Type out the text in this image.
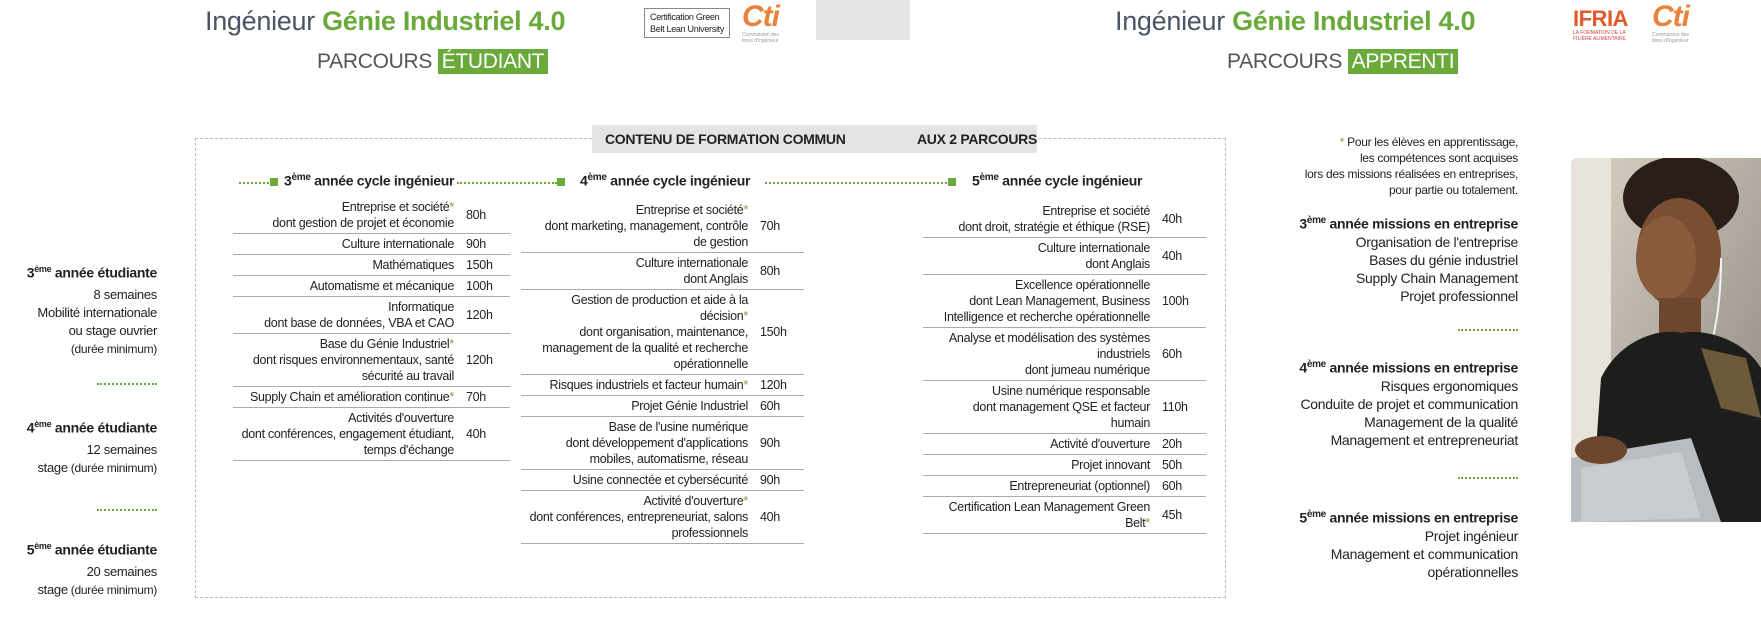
Ingénieur Génie Industriel 4.0
PARCOURS ÉTUDIANT
Certification Green
Belt Lean University Cti
Commission des titres d'ingénieur
Ingénieur Génie Industriel 4.0
PARCOURS APPRENTI
IFRIA
LA FORMATION DE LA FILIÈRE ALIMENTAIRE
Cti
Commission des titres d'ingénieur
CONTENU DE FORMATION COMMUN	AUX 2 PARCOURS
3ème année cycle ingénieur	4ème année cycle ingénieur	5ème année cycle ingénieur
Entreprise et société*
dont gestion de projet et économie	80h

Culture internationale	90h

Mathématiques	150h

Automatisme et mécanique	100h

Informatique
dont base de données, VBA et CAO	120h

Base du Génie Industriel*
dont risques environnementaux, santé
sécurité au travail	120h

Supply Chain et amélioration continue*	70h

Activités d'ouverture
dont conférences, engagement étudiant,
temps d'échange	40h
Entreprise et société*
dont marketing, management, contrôle
de gestion	70h

Culture internationale
dont Anglais	80h

Gestion de production et aide à la
décision*
dont organisation, maintenance,
management de la qualité et recherche
opérationnelle	150h

Risques industriels et facteur humain*	120h

Projet Génie Industriel	60h

Base de l'usine numérique
dont développement d'applications
mobiles, automatisme, réseau	90h

Usine connectée et cybersécurité	90h

Activité d'ouverture*
dont conférences, entrepreneuriat, salons
professionnels	40h
Entreprise et société
dont droit, stratégie et éthique (RSE)	40h

Culture internationale
dont Anglais	40h

Excellence opérationnelle
dont Lean Management, Business
Intelligence et recherche opérationnelle	100h

Analyse et modélisation des systèmes
industriels
dont jumeau numérique	60h

Usine numérique responsable
dont management QSE et facteur
humain	110h

Activité d'ouverture	20h

Projet innovant	50h

Entrepreneuriat (optionnel)	60h

Certification Lean Management Green
Belt*	45h
3ème année étudiante
8 semaines
Mobilité internationale
ou stage ouvrier
(durée minimum)
4ème année étudiante
12 semaines
stage (durée minimum)
5ème année étudiante
20 semaines
stage (durée minimum)
* Pour les élèves en apprentissage,
les compétences sont acquises
lors des missions réalisées en entreprises,
pour partie ou totalement.
3ème année missions en entreprise
Organisation de l'entreprise
Bases du génie industriel
Supply Chain Management
Projet professionnel
4ème année missions en entreprise
Risques ergonomiques
Conduite de projet et communication
Management de la qualité
Management et entrepreneuriat
5ème année missions en entreprise
Projet ingénieur
Management et communication
opérationnelles
